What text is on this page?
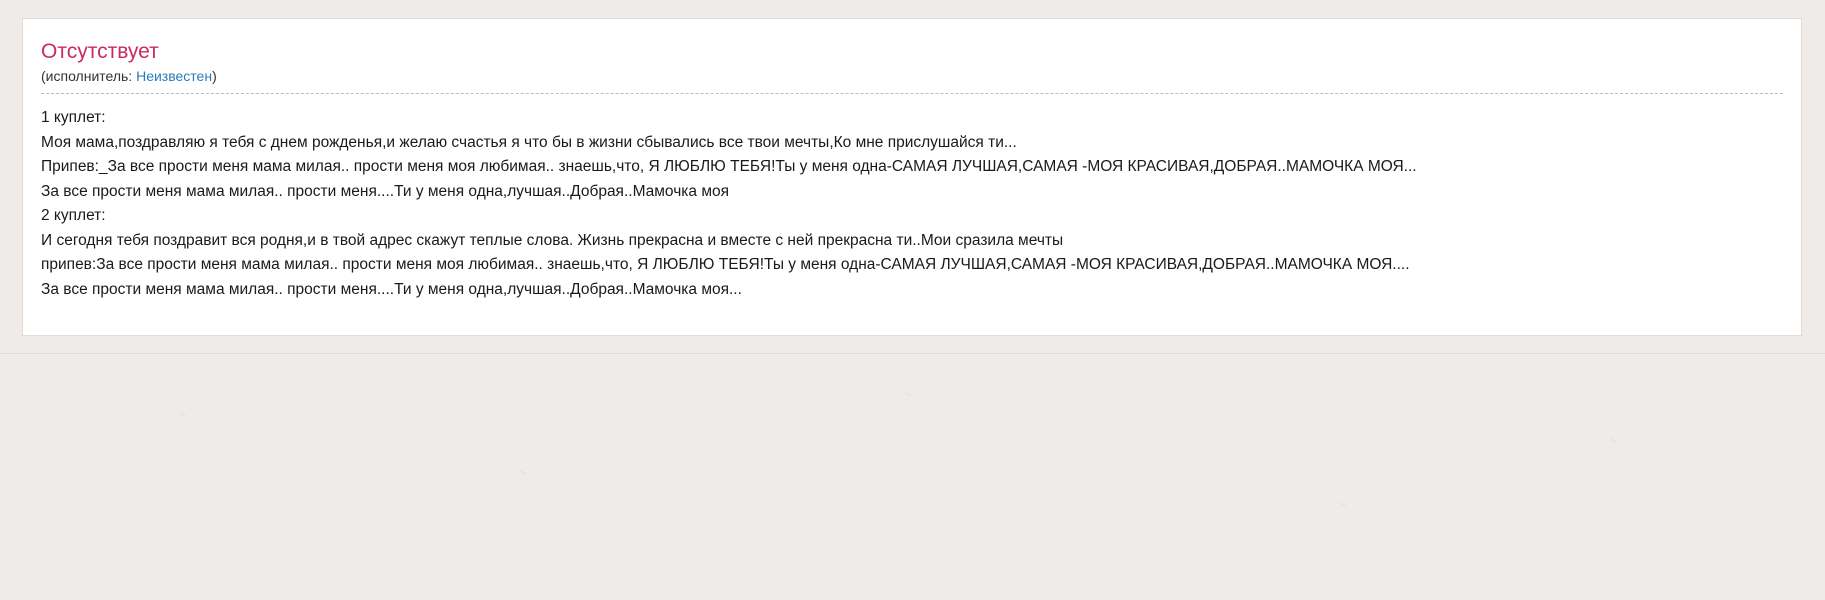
Отсутствует
(исполнитель: Неизвестен)
1 куплет:
Моя мама,поздравляю я тебя с днем рожденья,и желаю счастья я что бы в жизни сбывались все твои мечты,Ко мне прислушайся ти...
Припев:_За все прости меня мама милая.. прости меня моя любимая.. знаешь,что, Я ЛЮБЛЮ ТЕБЯ!Ты у меня одна-САМАЯ ЛУЧШАЯ,САМАЯ -МОЯ КРАСИВАЯ,ДОБРАЯ..МАМОЧКА МОЯ...
За все прости меня мама милая.. прости меня....Ти у меня одна,лучшая..Добрая..Мамочка моя
2 куплет:
И сегодня тебя поздравит вся родня,и в твой адрес скажут теплые слова. Жизнь прекрасна и вместе с ней прекрасна ти..Мои сразила мечты
припев:За все прости меня мама милая.. прости меня моя любимая.. знаешь,что, Я ЛЮБЛЮ ТЕБЯ!Ты у меня одна-САМАЯ ЛУЧШАЯ,САМАЯ -МОЯ КРАСИВАЯ,ДОБРАЯ..МАМОЧКА МОЯ....
За все прости меня мама милая.. прости меня....Ти у меня одна,лучшая..Добрая..Мамочка моя...
